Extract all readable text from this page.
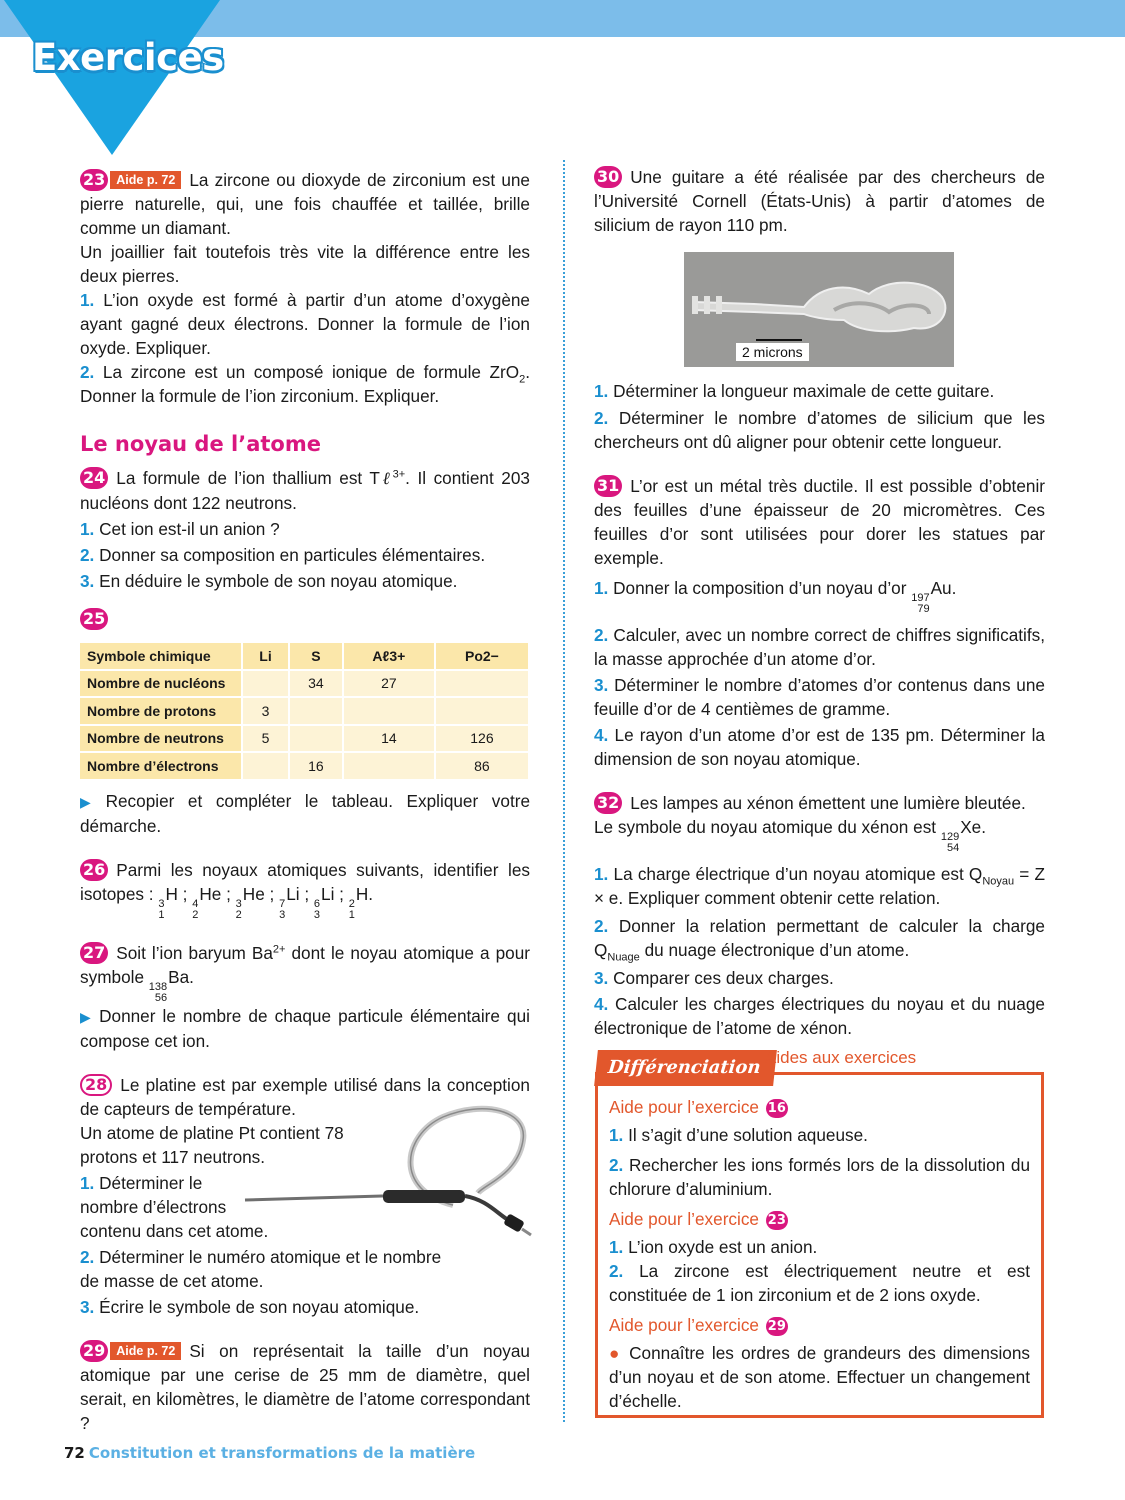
Exercices

23 Aide p. 72 La zircone ou dioxyde de zirconium est une pierre naturelle, qui, une fois chauffée et taillée, brille comme un diamant.

Un joaillier fait toutefois très vite la différence entre les deux pierres.

1. L’ion oxyde est formé à partir d’un atome d’oxygène ayant gagné deux électrons. Donner la formule de l’ion oxyde. Expliquer.

2. La zircone est un composé ionique de formule ZrO$_2$. Donner la formule de l’ion zirconium. Expliquer.

Le noyau de l’atome

24 La formule de l’ion thallium est Tℓ$^{3+}$. Il contient 203 nucléons dont 122 neutrons.

1. Cet ion est-il un anion ?

2. Donner sa composition en particules élémentaires.

3. En déduire le symbole de son noyau atomique.

25

Symbole chimique	Li	S	Aℓ3+	Po2−
Nombre de nucléons		34	27	
Nombre de protons	3			
Nombre de neutrons	5		14	126
Nombre d’électrons		16		86

▶ Recopier et compléter le tableau. Expliquer votre démarche.

26 Parmi les noyaux atomiques suivants, identifier les isotopes : 3
1
H ; 4
2
He ; 3
2
He ; 7
3
Li ; 6
3
Li ; 2
1
H.

27 Soit l’ion baryum $Ba^{2+}$ dont le noyau atomique a pour symbole 138
56
Ba.

▶ Donner le nombre de chaque particule élémentaire qui compose cet ion.

28 Le platine est par exemple utilisé dans la conception de capteurs de température.

Un atome de platine Pt contient 78
protons et 117 neutrons.

1. Déterminer le
nombre d’électrons
contenu dans cet atome.

2. Déterminer le numéro atomique et le nombre
de masse de cet atome.

3. Écrire le symbole de son noyau atomique.

29 Aide p. 72 Si on représentait la taille d’un noyau atomique par une cerise de 25 mm de diamètre, quel serait, en kilomètres, le diamètre de l’atome correspondant ?

30 Une guitare a été réalisée par des chercheurs de l’Université Cornell (États-Unis) à partir d’atomes de silicium de rayon 110 pm.

2 microns

1. Déterminer la longueur maximale de cette guitare.

2. Déterminer le nombre d’atomes de silicium que les chercheurs ont dû aligner pour obtenir cette longueur.

31 L’or est un métal très ductile. Il est possible d’obtenir des feuilles d’une épaisseur de 20 micromètres. Ces feuilles d’or sont utilisées pour dorer les statues par exemple.

1. Donner la composition d’un noyau d’or 197
79
Au.

2. Calculer, avec un nombre correct de chiffres significatifs, la masse approchée d’un atome d’or.

3. Déterminer le nombre d’atomes d’or contenus dans une feuille d’or de 4 centièmes de gramme.

4. Le rayon d’un atome d’or est de 135 pm. Déterminer la dimension de son noyau atomique.

32 Les lampes au xénon émettent une lumière bleutée.

Le symbole du noyau atomique du xénon est 129
54
Xe.

1. La charge électrique d’un noyau atomique est $Q_{Noyau} = Z \times e$. Expliquer comment obtenir cette relation.

2. Donner la relation permettant de calculer la charge $Q_{Nuage}$ du nuage électronique d’un atome.

3. Comparer ces deux charges.

4. Calculer les charges électriques du noyau et du nuage électronique de l’atome de xénon.

Différenciation Aides aux exercices
Aide pour l’exercice 16

1. Il s’agit d’une solution aqueuse.

2. Rechercher les ions formés lors de la dissolution du chlorure d’aluminium.

Aide pour l’exercice 23

1. L’ion oxyde est un anion.

2. La zircone est électriquement neutre et est constituée de 1 ion zirconium et de 2 ions oxyde.

Aide pour l’exercice 29

● Connaître les ordres de grandeurs des dimensions d’un noyau et de son atome. Effectuer un changement d’échelle.

72 Constitution et transformations de la matière
